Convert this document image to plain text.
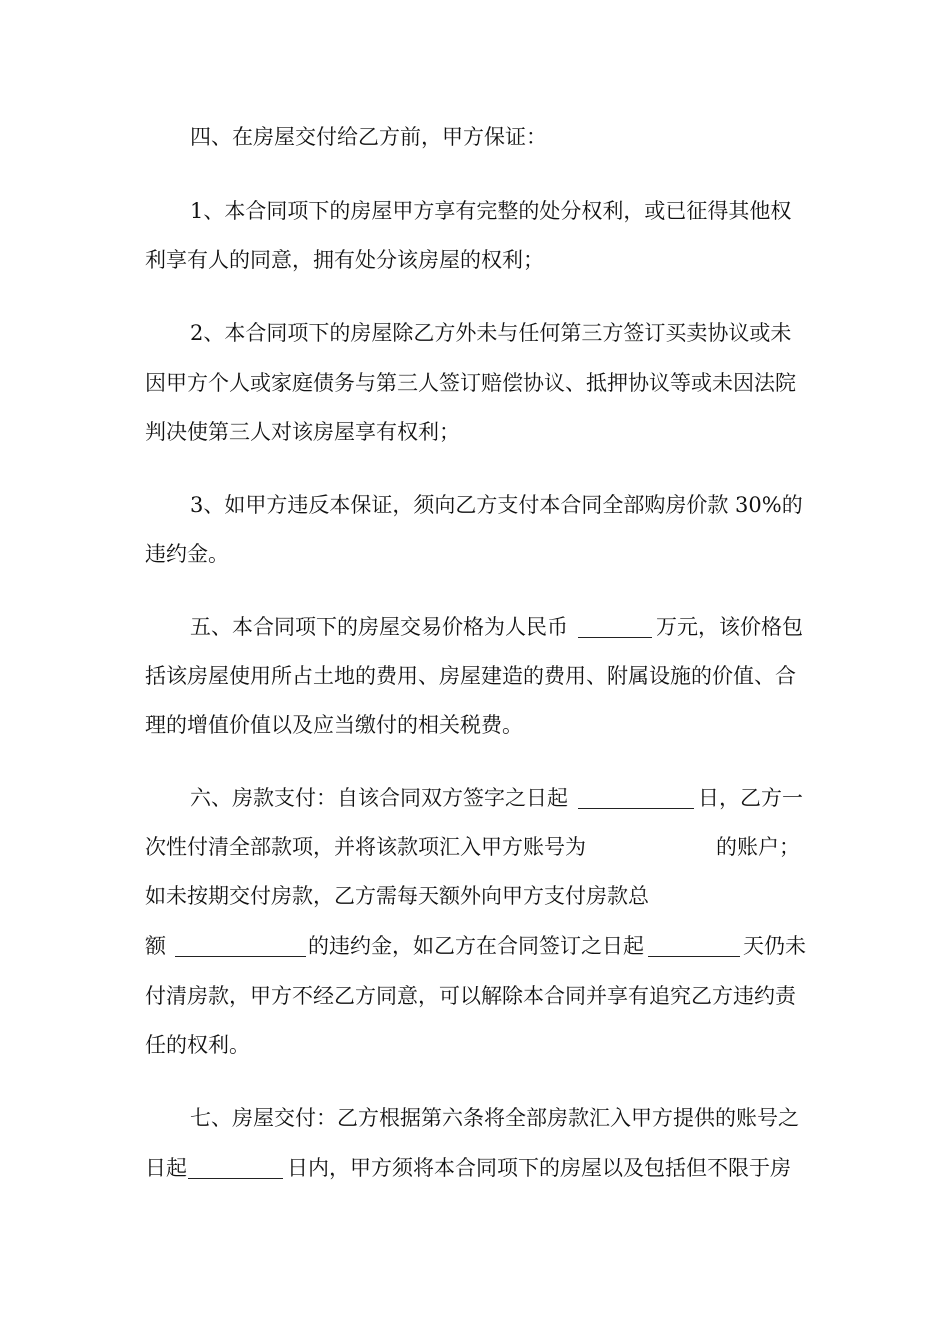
四、在房屋交付给乙方前，甲方保证：
1、本合同项下的房屋甲方享有完整的处分权利，或已征得其他权
利享有人的同意，拥有处分该房屋的权利；
2、本合同项下的房屋除乙方外未与任何第三方签订买卖协议或未
因甲方个人或家庭债务与第三人签订赔偿协议、抵押协议等或未因法院
判决使第三人对该房屋享有权利；
3、如甲方违反本保证，须向乙方支付本合同全部购房价款 30%的
违约金。
五、本合同项下的房屋交易价格为人民币	万元，该价格包
括该房屋使用所占土地的费用、房屋建造的费用、附属设施的价值、合
理的增值价值以及应当缴付的相关税费。
六、房款支付：自该合同双方签字之日起	日，乙方一
次性付清全部款项，并将该款项汇入甲方账号为	的账户；
如未按期交付房款，乙方需每天额外向甲方支付房款总
额	的违约金，如乙方在合同签订之日起	天仍未
付清房款，甲方不经乙方同意，可以解除本合同并享有追究乙方违约责
任的权利。
七、房屋交付：乙方根据第六条将全部房款汇入甲方提供的账号之
日起	日内，甲方须将本合同项下的房屋以及包括但不限于房
